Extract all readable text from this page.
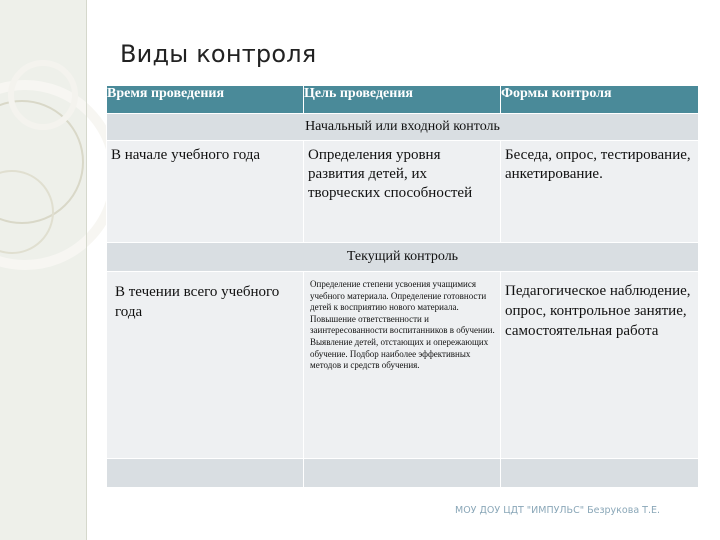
Виды контроля
Время проведения	Цель проведения	Формы контроля
Начальный или входной контоль		
В начале учебного года	Определения уровня развития детей, их творческих способностей	Беседа, опрос, тестирование, анкетирование.
Текущий контроль		
В течении всего учебного года	Определение степени усвоения учащимися учебного материала. Определение готовности детей к восприятию нового материала. Повышение ответственности и заинтересованности воспитанников в обучении. Выявление детей, отстающих и опережающих обучение. Подбор наиболее эффективных методов и средств обучения.	Педагогическое наблюдение, опрос, контрольное занятие, самостоятельная работа

МОУ ДОУ ЦДТ "ИМПУЛЬС" Безрукова Т.Е.
